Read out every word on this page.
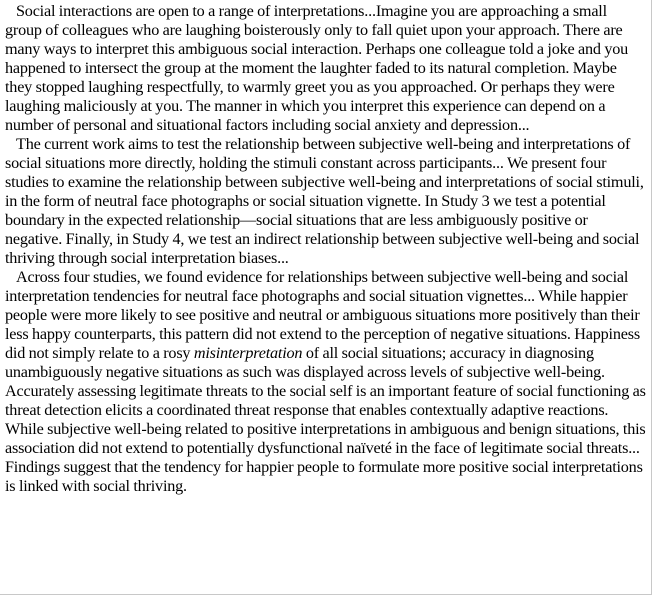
Social interactions are open to a range of interpretations...Imagine you are approaching a small group of colleagues who are laughing boisterously only to fall quiet upon your approach. There are many ways to interpret this ambiguous social interaction. Perhaps one colleague told a joke and you happened to intersect the group at the moment the laughter faded to its natural completion. Maybe they stopped laughing respectfully, to warmly greet you as you approached. Or perhaps they were laughing maliciously at you. The manner in which you interpret this experience can depend on a number of personal and situational factors including social anxiety and depression...

The current work aims to test the relationship between subjective well-being and interpretations of social situations more directly, holding the stimuli constant across participants... We present four studies to examine the relationship between subjective well-being and interpretations of social stimuli, in the form of neutral face photographs or social situation vignette. In Study 3 we test a potential boundary in the expected relationship—social situations that are less ambiguously positive or negative. Finally, in Study 4, we test an indirect relationship between subjective well-being and social thriving through social interpretation biases...

Across four studies, we found evidence for relationships between subjective well-being and social interpretation tendencies for neutral face photographs and social situation vignettes... While happier people were more likely to see positive and neutral or ambiguous situations more positively than their less happy counterparts, this pattern did not extend to the perception of negative situations. Happiness did not simply relate to a rosy misinterpretation of all social situations; accuracy in diagnosing unambiguously negative situations as such was displayed across levels of subjective well-being. Accurately assessing legitimate threats to the social self is an important feature of social functioning as threat detection elicits a coordinated threat response that enables contextually adaptive reactions. While subjective well-being related to positive interpretations in ambiguous and benign situations, this association did not extend to potentially dysfunctional naïveté in the face of legitimate social threats... Findings suggest that the tendency for happier people to formulate more positive social interpretations is linked with social thriving.
